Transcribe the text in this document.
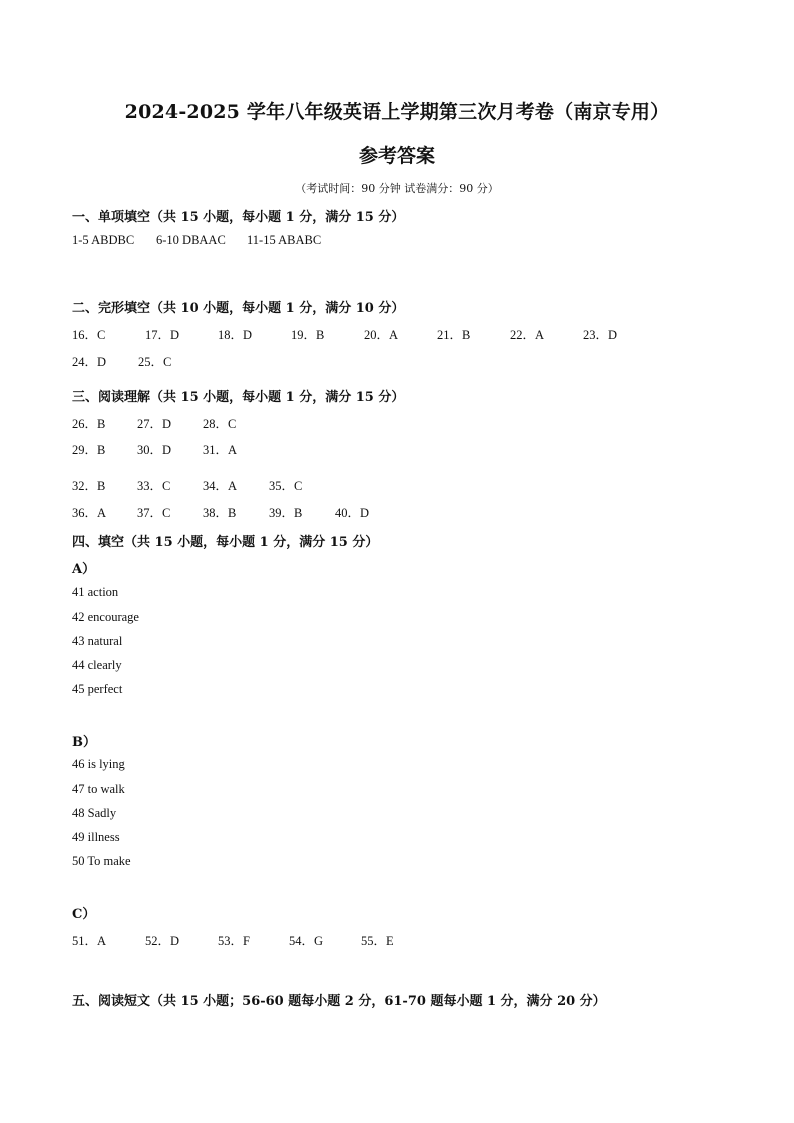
2024-2025 学年八年级英语上学期第三次月考卷（南京专用）
参考答案
（考试时间：90 分钟 试卷满分：90 分）
一、单项填空（共 15 小题，每小题 1 分，满分 15 分）
1-5 ABDBC 6-10 DBAAC 11-15 ABABC
二、完形填空（共 10 小题，每小题 1 分，满分 10 分）
16．C	17．D	18．D	19．B	20．A	21．B	22．A	23．D
24．D	25．C
三、阅读理解（共 15 小题，每小题 1 分，满分 15 分）
26．B	27．D	28．C
29．B	30．D	31．A
32．B	33．C	34．A	35．C
36．A 37．C	38．B	39．B	40．D
四、填空（共 15 小题，每小题 1 分，满分 15 分）
A）
41 action
42 encourage
43 natural
44 clearly
45 perfect
B）
46 is lying
47 to walk
48 Sadly
49 illness
50 To make
C）
51．A	52．D	53．F	54．G	55．E
五、阅读短文（共 15 小题；56-60 题每小题 2 分，61-70 题每小题 1 分，满分 20 分）
